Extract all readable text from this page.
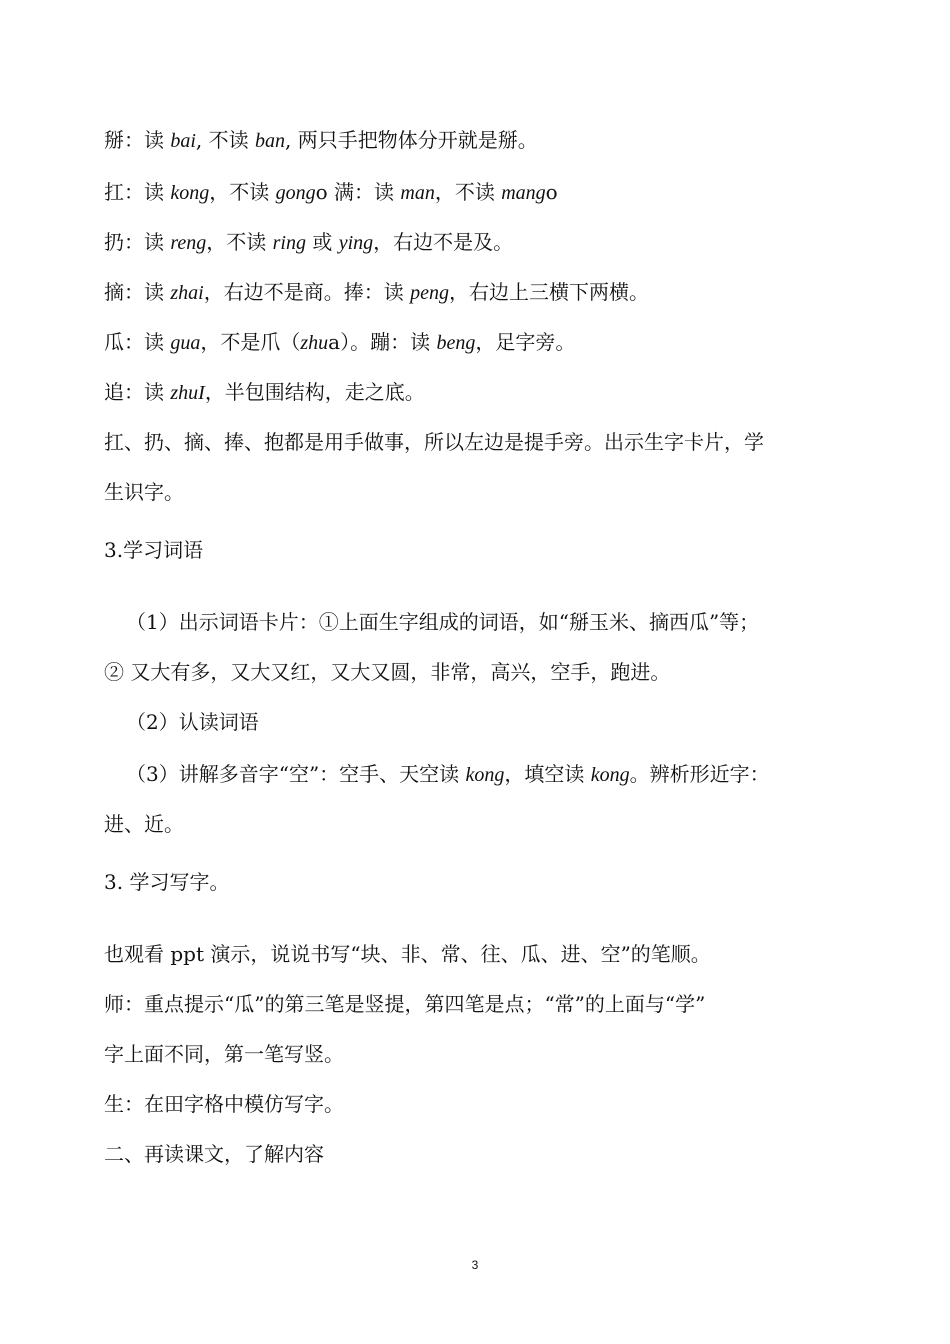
掰：读 bai, 不读 ban, 两只手把物体分开就是掰。
扛：读 kong，不读 gongo 满：读 man，不读 mango
扔：读 reng，不读 ring 或 ying，右边不是及。
摘：读 zhai，右边不是商。捧：读 peng，右边上三横下两横。
瓜：读 gua，不是爪（zhua）。蹦：读 beng，足字旁。
追：读 zhuI，半包围结构，走之底。
扛、扔、摘、捧、抱都是用手做事，所以左边是提手旁。出示生字卡片，学
生识字。
3.学习词语
（1）出示词语卡片：①上面生字组成的词语，如“掰玉米、摘西瓜”等；
② 又大有多，又大又红，又大又圆，非常，高兴，空手，跑进。
（2）认读词语
（3）讲解多音字“空”：空手、天空读 kong，填空读 kong。辨析形近字：
进、近。
3. 学习写字。
也观看 ppt 演示，说说书写“块、非、常、往、瓜、进、空”的笔顺。
师：重点提示“瓜”的第三笔是竖提，第四笔是点；“常”的上面与“学”
字上面不同，第一笔写竖。
生：在田字格中模仿写字。
二、再读课文，了解内容
3
